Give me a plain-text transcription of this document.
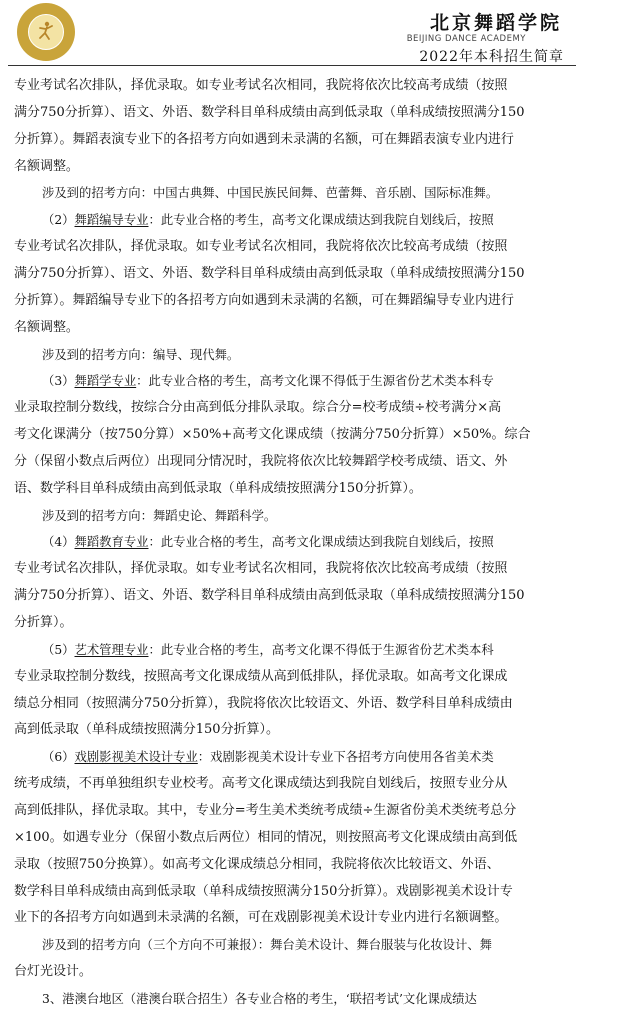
北京舞蹈学院
BEIJING DANCE ACADEMY
2022年本科招生简章
专业考试名次排队，择优录取。如专业考试名次相同，我院将依次比较高考成绩（按照
满分750分折算）、语文、外语、数学科目单科成绩由高到低录取（单科成绩按照满分150
分折算）。舞蹈表演专业下的各招考方向如遇到未录满的名额，可在舞蹈表演专业内进行
名额调整。
涉及到的招考方向：中国古典舞、中国民族民间舞、芭蕾舞、音乐剧、国际标准舞。
（2）舞蹈编导专业：此专业合格的考生，高考文化课成绩达到我院自划线后，按照
专业考试名次排队，择优录取。如专业考试名次相同，我院将依次比较高考成绩（按照
满分750分折算）、语文、外语、数学科目单科成绩由高到低录取（单科成绩按照满分150
分折算）。舞蹈编导专业下的各招考方向如遇到未录满的名额，可在舞蹈编导专业内进行
名额调整。
涉及到的招考方向：编导、现代舞。
（3）舞蹈学专业：此专业合格的考生，高考文化课不得低于生源省份艺术类本科专
业录取控制分数线，按综合分由高到低分排队录取。综合分=校考成绩÷校考满分×高
考文化课满分（按750分算）×50%+高考文化课成绩（按满分750分折算）×50%。综合
分（保留小数点后两位）出现同分情况时，我院将依次比较舞蹈学校考成绩、语文、外
语、数学科目单科成绩由高到低录取（单科成绩按照满分150分折算）。
涉及到的招考方向：舞蹈史论、舞蹈科学。
（4）舞蹈教育专业：此专业合格的考生，高考文化课成绩达到我院自划线后，按照
专业考试名次排队，择优录取。如专业考试名次相同，我院将依次比较高考成绩（按照
满分750分折算）、语文、外语、数学科目单科成绩由高到低录取（单科成绩按照满分150
分折算）。
（5）艺术管理专业：此专业合格的考生，高考文化课不得低于生源省份艺术类本科
专业录取控制分数线，按照高考文化课成绩从高到低排队，择优录取。如高考文化课成
绩总分相同（按照满分750分折算），我院将依次比较语文、外语、数学科目单科成绩由
高到低录取（单科成绩按照满分150分折算）。
（6）戏剧影视美术设计专业：戏剧影视美术设计专业下各招考方向使用各省美术类
统考成绩，不再单独组织专业校考。高考文化课成绩达到我院自划线后，按照专业分从
高到低排队，择优录取。其中，专业分=考生美术类统考成绩÷生源省份美术类统考总分
×100。如遇专业分（保留小数点后两位）相同的情况，则按照高考文化课成绩由高到低
录取（按照750分换算）。如高考文化课成绩总分相同，我院将依次比较语文、外语、
数学科目单科成绩由高到低录取（单科成绩按照满分150分折算）。戏剧影视美术设计专
业下的各招考方向如遇到未录满的名额，可在戏剧影视美术设计专业内进行名额调整。
涉及到的招考方向（三个方向不可兼报）：舞台美术设计、舞台服装与化妆设计、舞
台灯光设计。
3、港澳台地区（港澳台联合招生）各专业合格的考生，‘联招考试’文化课成绩达
